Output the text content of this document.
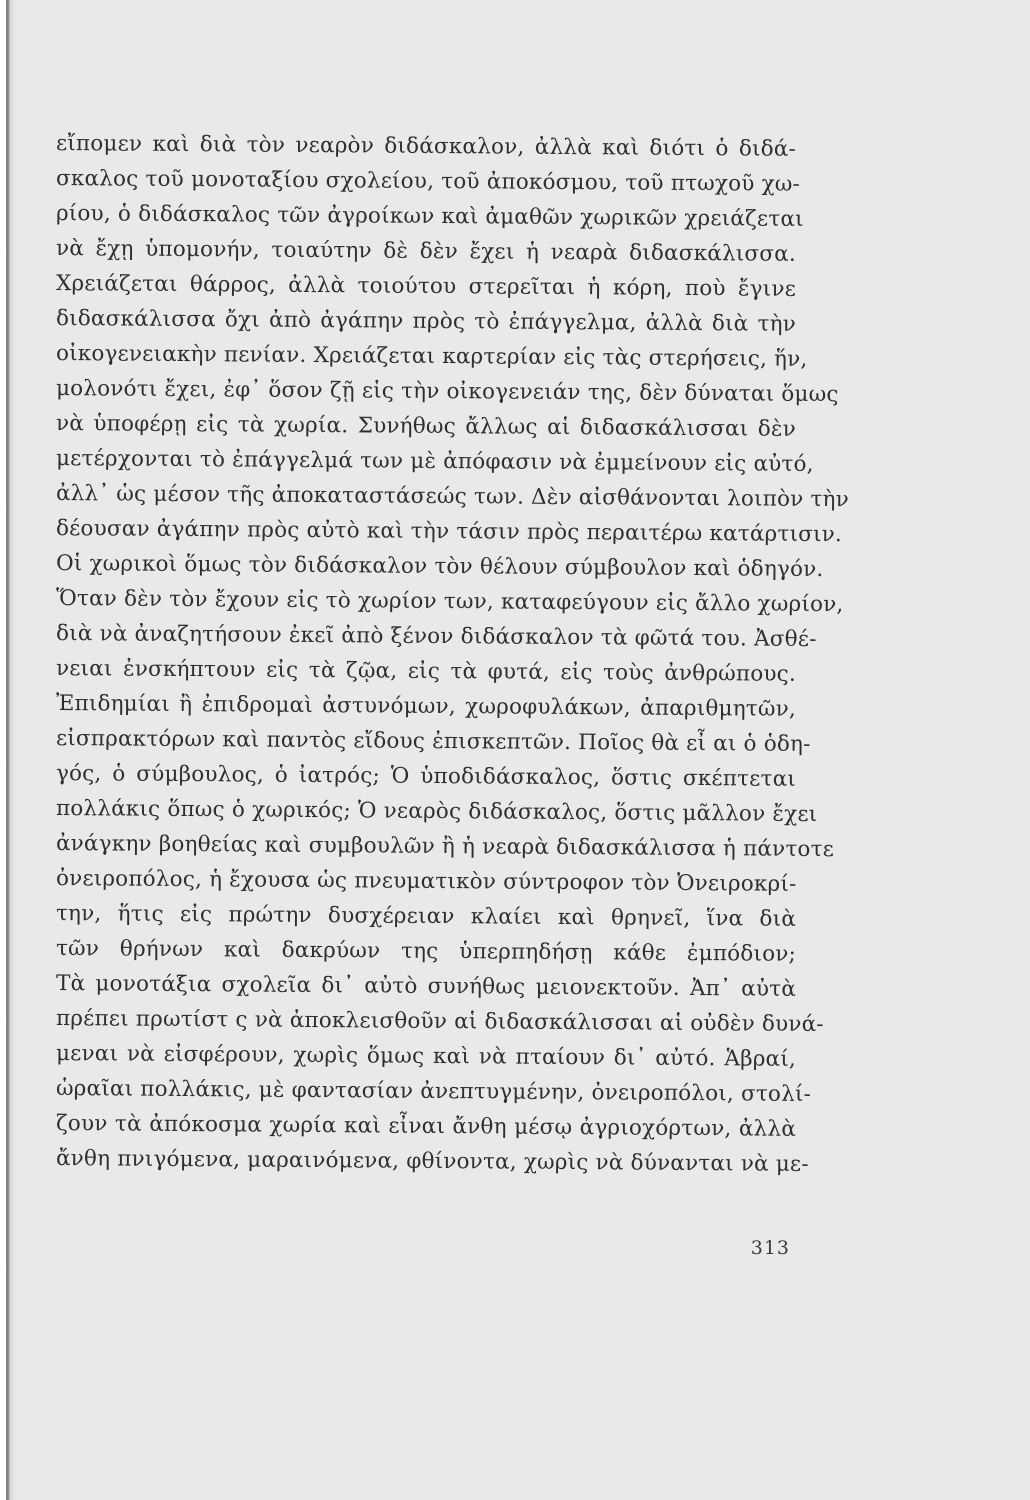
εἴπομεν καὶ διὰ τὸν νεαρὸν διδάσκαλον, ἀλλὰ καὶ διότι ὁ διδά-
σκαλος τοῦ μονοταξίου σχολείου, τοῦ ἀποκόσμου, τοῦ πτωχοῦ χω-
ρίου, ὁ διδάσκαλος τῶν ἀγροίκων καὶ ἀμαθῶν χωρικῶν χρειάζεται
νὰ ἔχῃ ὑπομονήν, τοιαύτην δὲ δὲν ἔχει ἡ νεαρὰ διδασκάλισσα.
Χρειάζεται θάρρος, ἀλλὰ τοιούτου στερεῖται ἡ κόρη, ποὺ ἔγινε
διδασκάλισσα ὄχι ἀπὸ ἀγάπην πρὸς τὸ ἐπάγγελμα, ἀλλὰ διὰ τὴν
οἰκογενειακὴν πενίαν. Χρειάζεται καρτερίαν εἰς τὰς στερήσεις, ἥν,
μολονότι ἔχει, ἐφ᾽ ὅσον ζῇ εἰς τὴν οἰκογενειάν της, δὲν δύναται ὅμως
νὰ ὑποφέρῃ εἰς τὰ χωρία. Συνήθως ἄλλως αἱ διδασκάλισσαι δὲν
μετέρχονται τὸ ἐπάγγελμά των μὲ ἀπόφασιν νὰ ἐμμείνουν εἰς αὐτό,
ἀλλ᾽ ὡς μέσον τῆς ἀποκαταστάσεώς των. Δὲν αἰσθάνονται λοιπὸν τὴν
δέουσαν ἀγάπην πρὸς αὐτὸ καὶ τὴν τάσιν πρὸς περαιτέρω κατάρτισιν.
Οἱ χωρικοὶ ὅμως τὸν διδάσκαλον τὸν θέλουν σύμβουλον καὶ ὁδηγόν.
Ὅταν δὲν τὸν ἔχουν εἰς τὸ χωρίον των, καταφεύγουν εἰς ἄλλο χωρίον,
διὰ νὰ ἀναζητήσουν ἐκεῖ ἀπὸ ξένον διδάσκαλον τὰ φῶτά του. Ἀσθέ-
νειαι ἐνσκήπτουν εἰς τὰ ζῷα, εἰς τὰ φυτά, εἰς τοὺς ἀνθρώπους.
Ἐπιδημίαι ἢ ἐπιδρομαὶ ἀστυνόμων, χωροφυλάκων, ἀπαριθμητῶν,
εἰσπρακτόρων καὶ παντὸς εἴδους ἐπισκεπτῶν. Ποῖος θὰ εἶ αι ὁ ὁδη-
γός, ὁ σύμβουλος, ὁ ἰατρός; Ὁ ὑποδιδάσκαλος, ὅστις σκέπτεται
πολλάκις ὅπως ὁ χωρικός; Ὁ νεαρὸς διδάσκαλος, ὅστις μᾶλλον ἔχει
ἀνάγκην βοηθείας καὶ συμβουλῶν ἢ ἡ νεαρὰ διδασκάλισσα ἡ πάντοτε
ὀνειροπόλος, ἡ ἔχουσα ὡς πνευματικὸν σύντροφον τὸν Ὀνειροκρί-
την, ἥτις εἰς πρώτην δυσχέρειαν κλαίει καὶ θρηνεῖ, ἵνα διὰ
τῶν θρήνων καὶ δακρύων της ὑπερπηδήσῃ κάθε ἐμπόδιον;
Τὰ μονοτάξια σχολεῖα δι᾽ αὐτὸ συνήθως μειονεκτοῦν. Ἀπ᾽ αὐτὰ
πρέπει πρωτίστ ς νὰ ἀποκλεισθοῦν αἱ διδασκάλισσαι αἱ οὐδὲν δυνά-
μεναι νὰ εἰσφέρουν, χωρὶς ὅμως καὶ νὰ πταίουν δι᾽ αὐτό. Ἁβραί,
ὡραῖαι πολλάκις, μὲ φαντασίαν ἀνεπτυγμένην, ὀνειροπόλοι, στολί-
ζουν τὰ ἀπόκοσμα χωρία καὶ εἶναι ἄνθη μέσῳ ἀγριοχόρτων, ἀλλὰ
ἄνθη πνιγόμενα, μαραινόμενα, φθίνοντα, χωρὶς νὰ δύνανται νὰ με-
313
